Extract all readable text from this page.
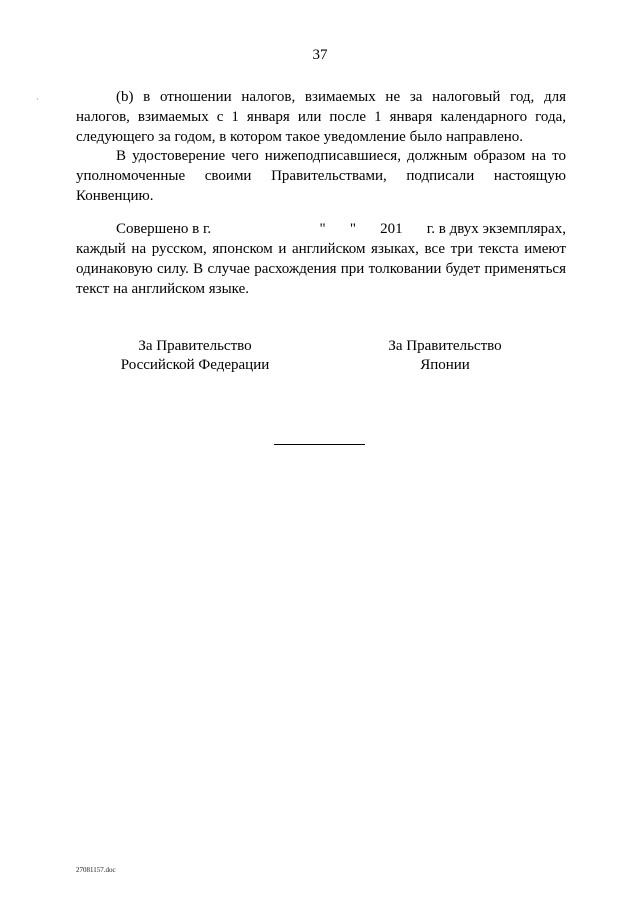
37
·	(b) в отношении налогов, взимаемых не за налоговый год, для налогов, взимаемых с 1 января или после 1 января календарного года, следующего за годом, в котором такое уведомление было направлено.

В удостоверение чего нижеподписавшиеся, должным образом на то уполномоченные своими Правительствами, подписали настоящую Конвенцию.

Совершено в г.	" " 201 г. в двух экземплярах,

каждый на русском, японском и английском языках, все три текста имеют одинаковую силу. В случае расхождения при толковании будет применяться текст на английском языке.

За Правительство
Российской Федерации
За Правительство
Японии
27081157.doc
